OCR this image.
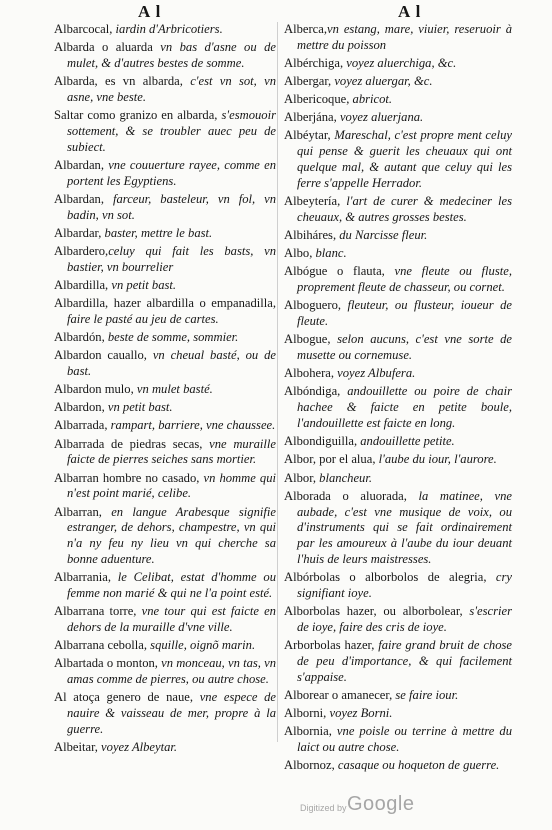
A l	A l

Albarcocal, iardin d'Arbricotiers.

Albarda o aluarda vn bas d'asne ou de mulet, & d'autres bestes de somme.

Albarda, es vn albarda, c'est vn sot, vn asne, vne beste.

Saltar como granizo en albarda, s'esmouoir sottement, & se troubler auec peu de subiect.

Albardan, vne couuerture rayee, comme en portent les Egyptiens.

Albardan, farceur, basteleur, vn fol, vn badin, vn sot.

Albardar, baster, mettre le bast.

Albardero,celuy qui fait les basts, vn bastier, vn bourrelier

Albardilla, vn petit bast.

Albardilla, hazer albardilla o empanadilla, faire le pasté au jeu de cartes.

Albardón, beste de somme, sommier.

Albardon cauallo, vn cheual basté, ou de bast.

Albardon mulo, vn mulet basté.

Albardon, vn petit bast.

Albarrada, rampart, barriere, vne chaussee.

Albarrada de piedras secas, vne muraille faicte de pierres seiches sans mortier.

Albarran hombre no casado, vn homme qui n'est point marié, celibe.

Albarran, en langue Arabesque signifie estranger, de dehors, champestre, vn qui n'a ny feu ny lieu vn qui cherche sa bonne aduenture.

Albarrania, le Celibat, estat d'homme ou femme non marié & qui ne l'a point esté.

Albarrana torre, vne tour qui est faicte en dehors de la muraille d'vne ville.

Albarrana cebolla, squille, oignõ marin.

Albartada o monton, vn monceau, vn tas, vn amas comme de pierres, ou autre chose.

Al atoça genero de naue, vne espece de nauire & vaisseau de mer, propre à la guerre.

Albeitar, voyez Albeytar.

Alberca,vn estang, mare, viuier, reseruoir à mettre du poisson

Albérchiga, voyez aluerchiga, &c.

Albergar, voyez aluergar, &c.

Albericoque, abricot.

Alberjána, voyez aluerjana.

Albéytar, Mareschal, c'est propre ment celuy qui pense & guerit les cheuaux qui ont quelque mal, & autant que celuy qui les ferre s'appelle Herrador.

Albeytería, l'art de curer & medeciner les cheuaux, & autres grosses bestes.

Albiháres, du Narcisse fleur.

Albo, blanc.

Albógue o flauta, vne fleute ou fluste, proprement fleute de chasseur, ou cornet.

Alboguero, fleuteur, ou flusteur, ioueur de fleute.

Albogue, selon aucuns, c'est vne sorte de musette ou cornemuse.

Albohera, voyez Albufera.

Albóndiga, andouillette ou poire de chair hachee & faicte en petite boule, l'andouillette est faicte en long.

Albondiguilla, andouillette petite.

Albor, por el alua, l'aube du iour, l'aurore.

Albor, blancheur.

Alborada o aluorada, la matinee, vne aubade, c'est vne musique de voix, ou d'instruments qui se fait ordinairement par les amoureux à l'aube du iour deuant l'huis de leurs maistresses.

Albórbolas o alborbolos de alegria, cry signifiant ioye.

Alborbolas hazer, ou alborbolear, s'escrier de ioye, faire des cris de ioye.

Arborbolas hazer, faire grand bruit de chose de peu d'importance, & qui facilement s'appaise.

Alborear o amanecer, se faire iour.

Alborni, voyez Borni.

Albornia, vne poisle ou terrine à mettre du laict ou autre chose.

Albornoz, casaque ou hoqueton de guerre.

Digitized by Google
